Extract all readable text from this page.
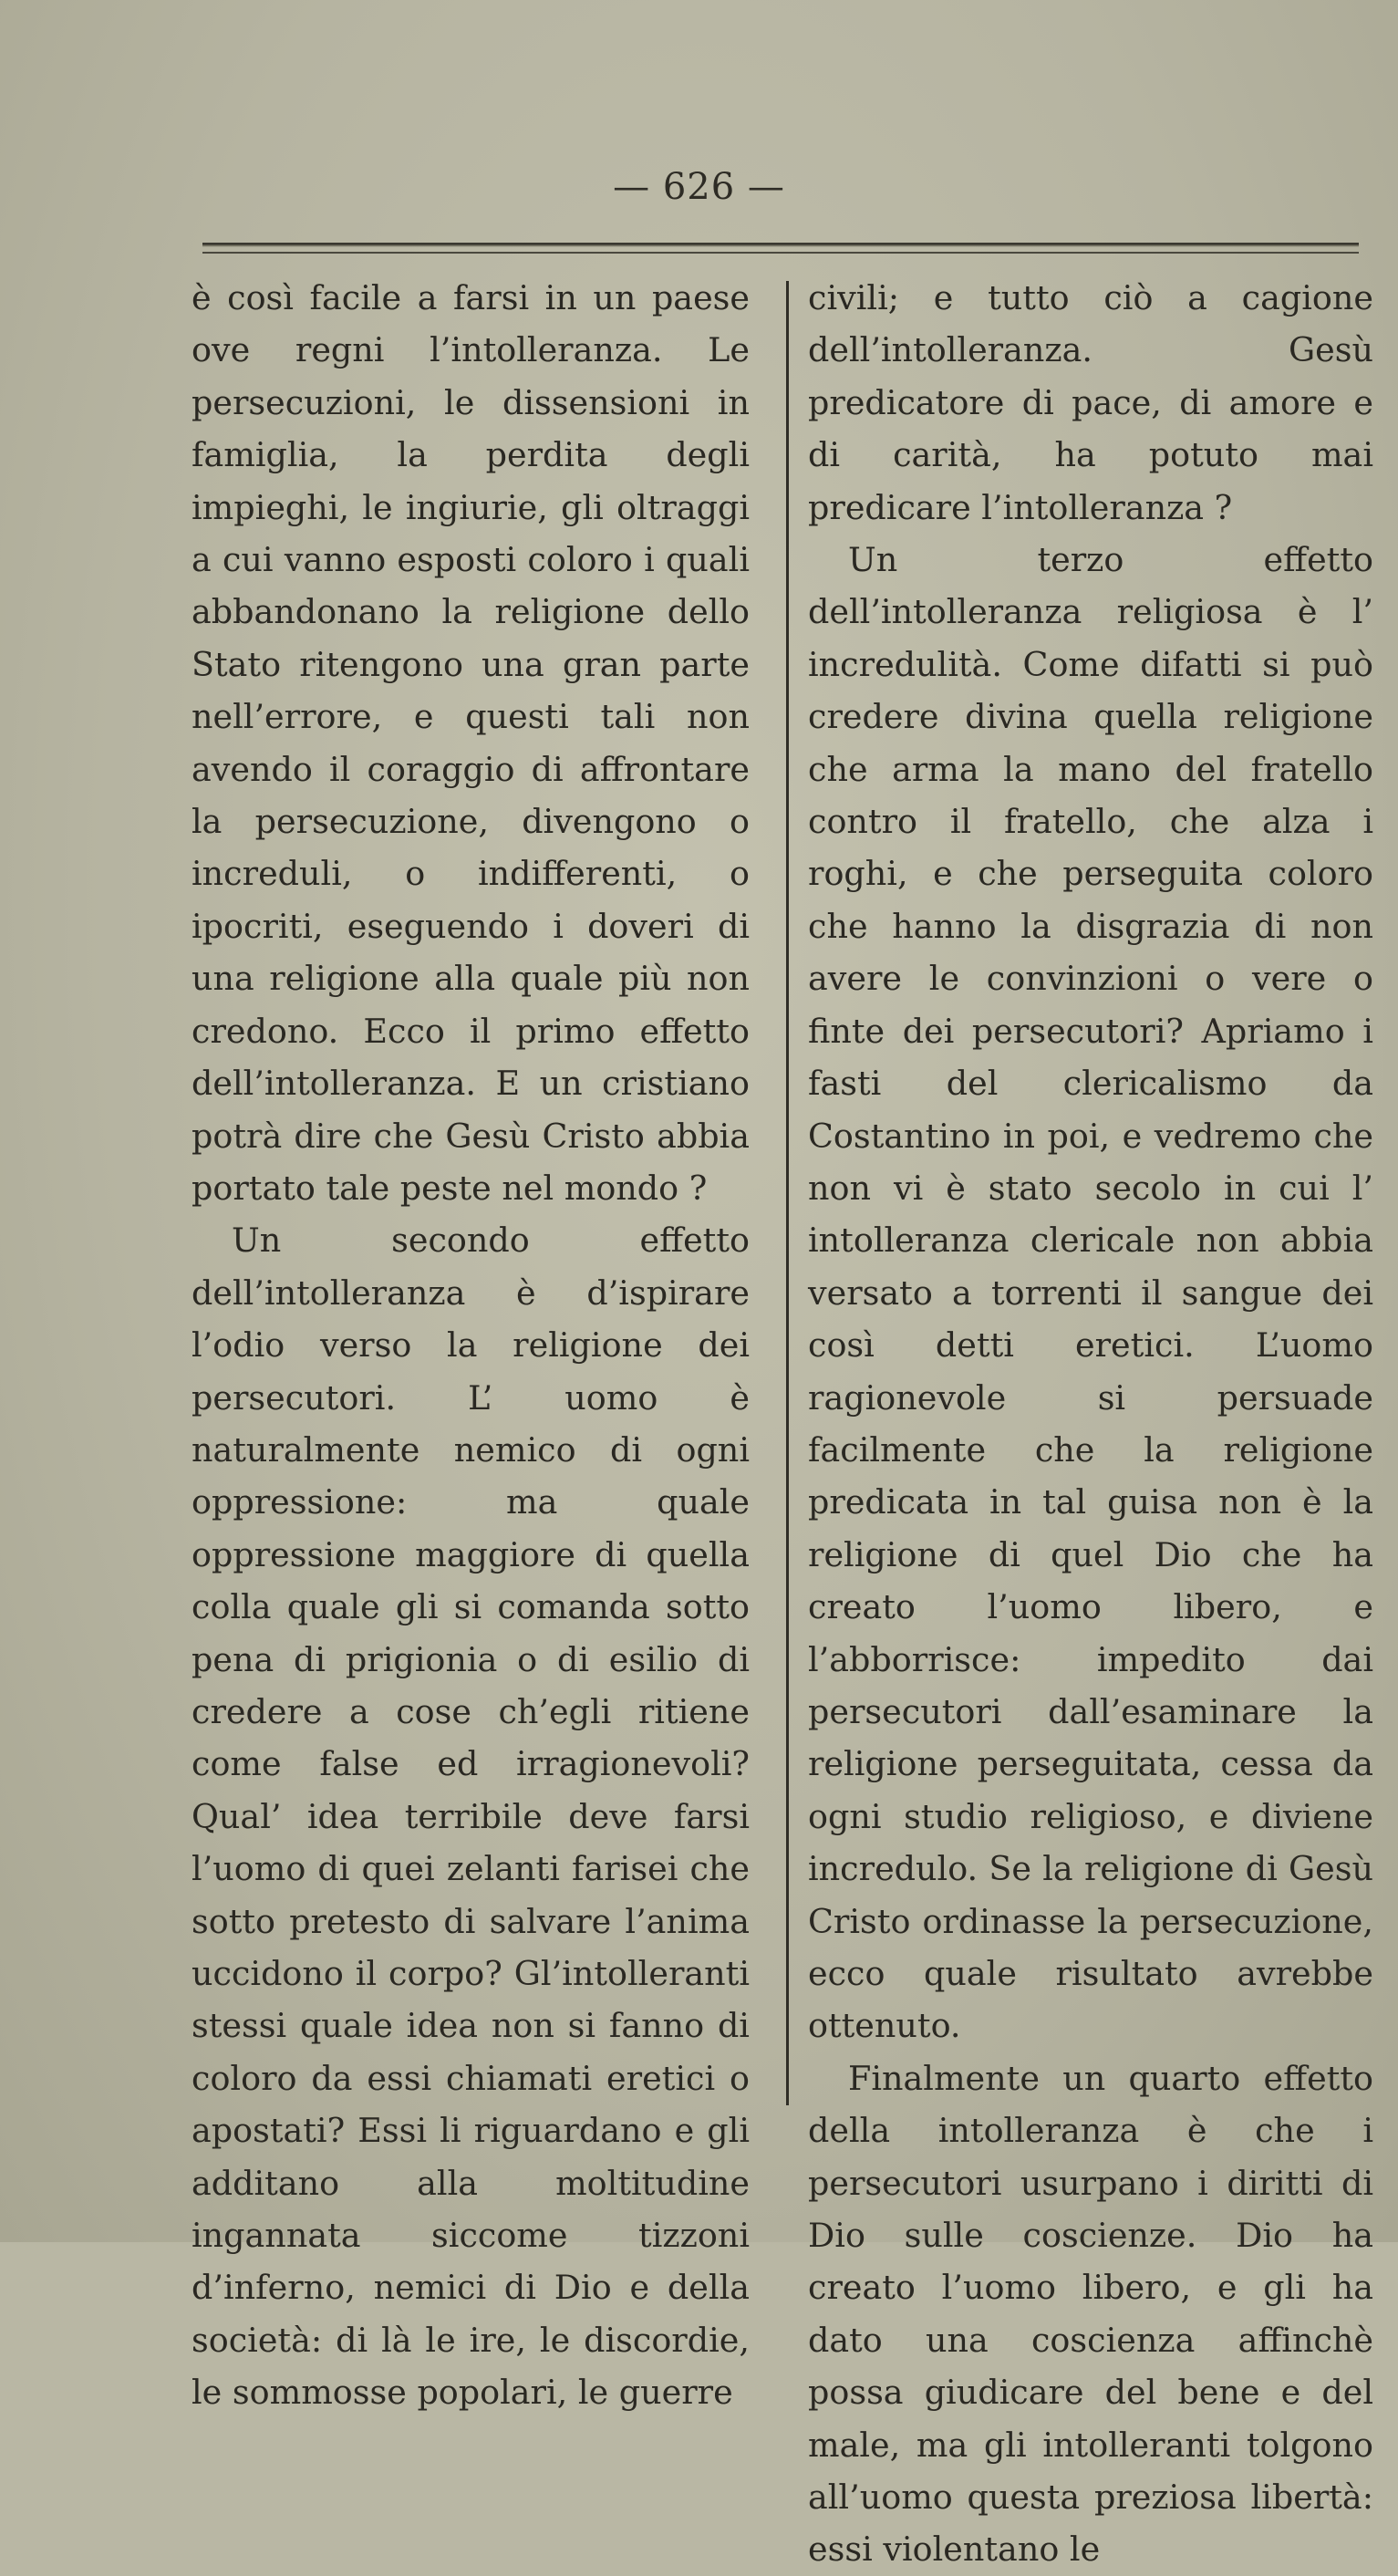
— 626 —

è così facile a farsi in un paese ove regni l’intolleranza. Le persecuzioni, le dissensioni in famiglia, la perdita degli impieghi, le ingiurie, gli oltraggi a cui vanno esposti coloro i quali abbandonano la religione dello Stato ritengono una gran parte nell’errore, e questi tali non avendo il coraggio di affrontare la persecuzione, divengono o increduli, o indifferenti, o ipocriti, eseguendo i doveri di una religione alla quale più non credono. Ecco il primo effetto dell’intolleranza. E un cristiano potrà dire che Gesù Cristo abbia portato tale peste nel mondo ?

Un secondo effetto dell’intolleranza è d’ispirare l’odio verso la religione dei persecutori. L’ uomo è naturalmente nemico di ogni oppressione: ma quale oppressione maggiore di quella colla quale gli si comanda sotto pena di prigionia o di esilio di credere a cose ch’egli ritiene come false ed irragionevoli? Qual’ idea terribile deve farsi l’uomo di quei zelanti farisei che sotto pretesto di salvare l’anima uccidono il corpo? Gl’intolleranti stessi quale idea non si fanno di coloro da essi chiamati eretici o apostati? Essi li riguardano e gli additano alla moltitudine ingannata siccome tizzoni d’inferno, nemici di Dio e della società: di là le ire, le discordie, le sommosse popolari, le guerre

civili; e tutto ciò a cagione dell’intolleranza. Gesù predicatore di pace, di amore e di carità, ha potuto mai predicare l’intolleranza ?

Un terzo effetto dell’intolleranza religiosa è l’ incredulità. Come difatti si può credere divina quella religione che arma la mano del fratello contro il fratello, che alza i roghi, e che perseguita coloro che hanno la disgrazia di non avere le convinzioni o vere o finte dei persecutori? Apriamo i fasti del clericalismo da Costantino in poi, e vedremo che non vi è stato secolo in cui l’ intolleranza clericale non abbia versato a torrenti il sangue dei così detti eretici. L’uomo ragionevole si persuade facilmente che la religione predicata in tal guisa non è la religione di quel Dio che ha creato l’uomo libero, e l’abborrisce: impedito dai persecutori dall’esaminare la religione perseguitata, cessa da ogni studio religioso, e diviene incredulo. Se la religione di Gesù Cristo ordinasse la persecuzione, ecco quale risultato avrebbe ottenuto.

Finalmente un quarto effetto della intolleranza è che i persecutori usurpano i diritti di Dio sulle coscienze. Dio ha creato l’uomo libero, e gli ha dato una coscienza affinchè possa giudicare del bene e del male, ma gli intolleranti tolgono all’uomo questa preziosa libertà: essi violentano le
